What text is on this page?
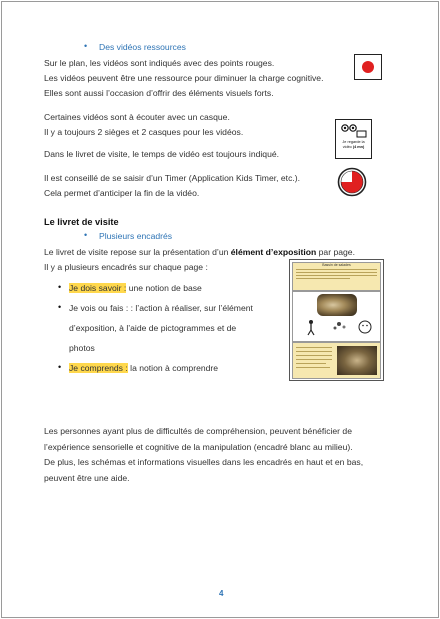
• Des vidéos ressources
Sur le plan, les vidéos sont indiqués avec des points rouges.
Les vidéos peuvent être une ressource pour diminuer la charge cognitive.
Elles sont aussi l’occasion d’offrir des éléments visuels forts.
Certaines vidéos sont à écouter avec un casque.
Il y a toujours 2 sièges et 2 casques pour les vidéos.
Je regarde la
vidéo (4 mn)
Dans le livret de visite, le temps de vidéo est toujours indiqué.
Il est conseillé de se saisir d’un Timer (Application Kids Timer, etc.).
Cela permet d’anticiper la fin de la vidéo.
Le livret de visite
• Plusieurs encadrés
Le livret de visite repose sur la présentation d’un élément d’exposition par page.
Il y a plusieurs encadrés sur chaque page :
• Je dois savoir : une notion de base
• Je vois ou fais : : l’action à réaliser, sur l’élément
d’exposition, à l’aide de pictogrammes et de
photos
• Je comprends : la notion à comprendre
Bassin de salades
Les personnes ayant plus de difficultés de compréhension, peuvent bénéficier de
l’expérience sensorielle et cognitive de la manipulation (encadré blanc au milieu).
De plus, les schémas et informations visuelles dans les encadrés en haut et en bas,
peuvent être une aide.
4
